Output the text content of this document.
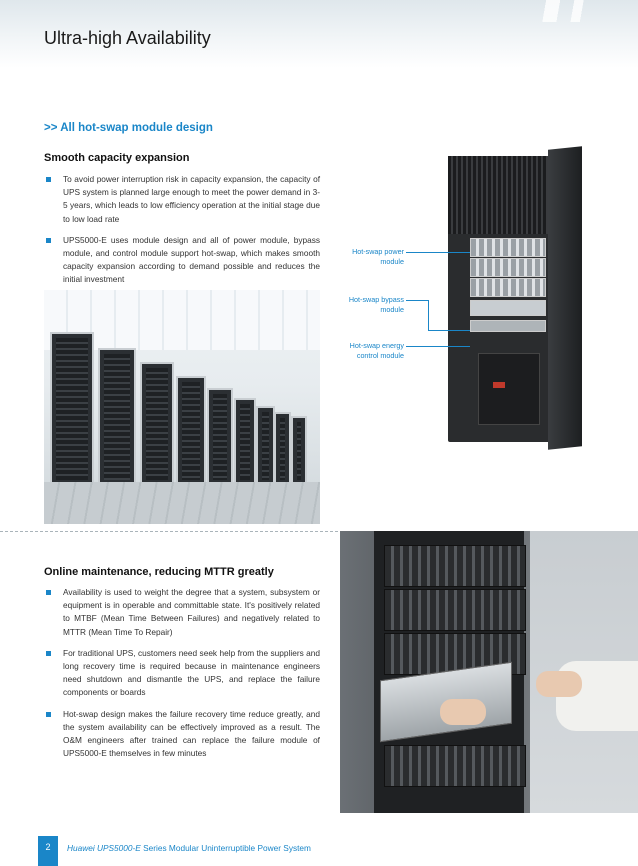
Ultra-high Availability
>> All hot-swap module design
Smooth capacity expansion
To avoid power interruption risk in capacity expansion, the capacity of UPS system is planned large enough to meet the power demand in 3-5 years, which leads to low efficiency operation at the initial stage due to low load rate
UPS5000-E uses module design and all of power module, bypass module, and control module support hot-swap, which makes smooth capacity expansion according to demand possible and reduces the initial investment
Hot-swap power module
Hot-swap bypass module
Hot-swap energy control module
Online maintenance, reducing MTTR greatly
Availability is used to weight the degree that a system, subsystem or equipment is in operable and committable state. It's positively related to MTBF (Mean Time Between Failures) and negatively related to MTTR (Mean Time To Repair)
For traditional UPS, customers need seek help from the suppliers and long recovery time is required because in maintenance engineers need shutdown and dismantle the UPS, and replace the failure components or boards
Hot-swap design makes the failure recovery time reduce greatly, and the system availability can be effectively improved as a result. The O&M engineers after trained can replace the failure module of UPS5000-E themselves in few minutes
2	Huawei UPS5000-E Series Modular Uninterruptible Power System
